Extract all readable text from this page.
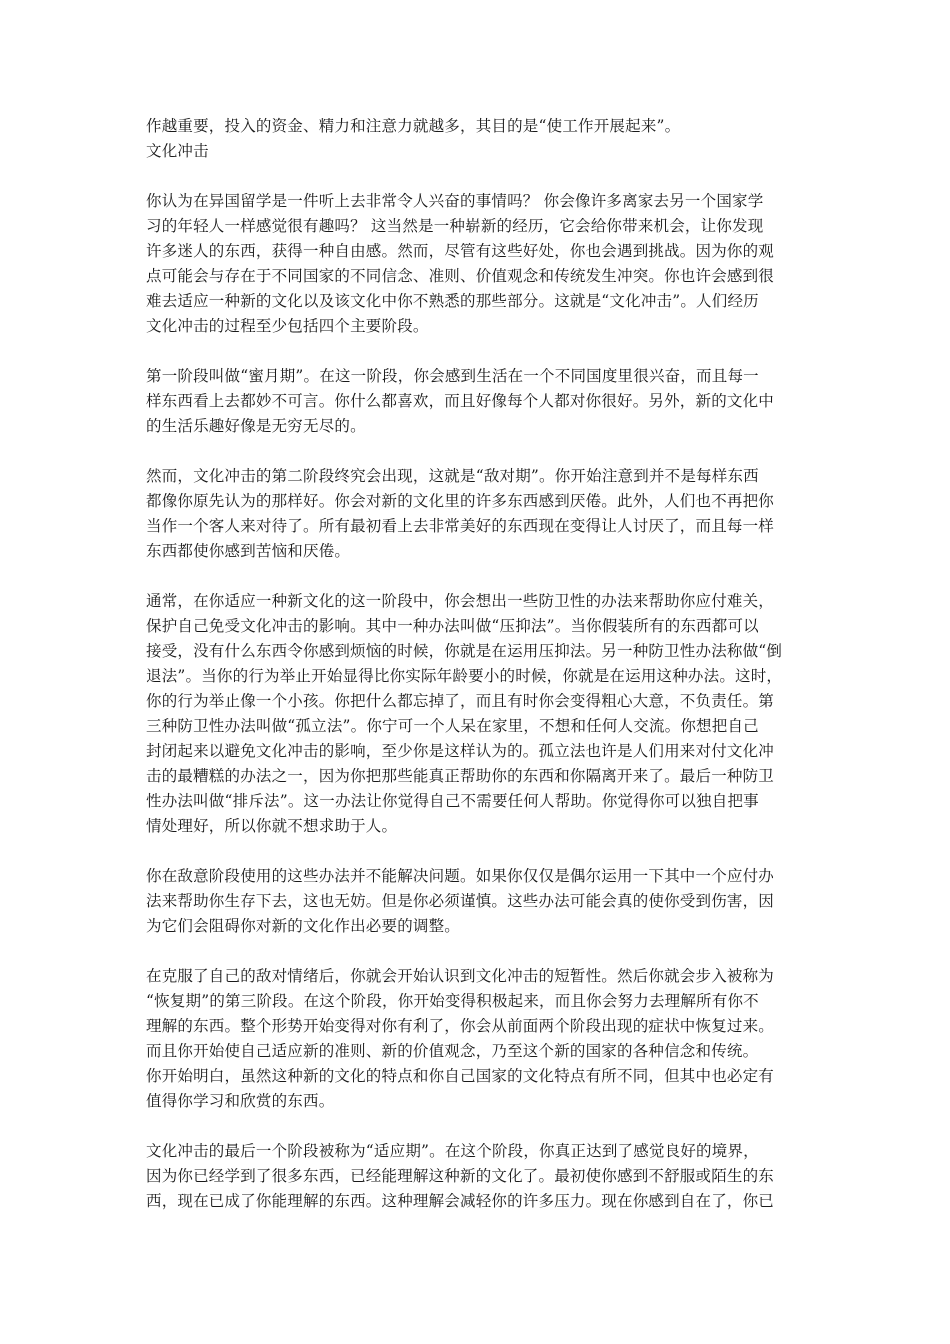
作越重要，投入的资金、精力和注意力就越多，其目的是“使工作开展起来”。
文化冲击
你认为在异国留学是一件听上去非常令人兴奋的事情吗？ 你会像许多离家去另一个国家学
习的年轻人一样感觉很有趣吗？ 这当然是一种崭新的经历，它会给你带来机会，让你发现
许多迷人的东西，获得一种自由感。然而，尽管有这些好处，你也会遇到挑战。因为你的观
点可能会与存在于不同国家的不同信念、准则、价值观念和传统发生冲突。你也许会感到很
难去适应一种新的文化以及该文化中你不熟悉的那些部分。这就是“文化冲击”。人们经历
文化冲击的过程至少包括四个主要阶段。
第一阶段叫做“蜜月期”。在这一阶段，你会感到生活在一个不同国度里很兴奋，而且每一
样东西看上去都妙不可言。你什么都喜欢，而且好像每个人都对你很好。另外，新的文化中
的生活乐趣好像是无穷无尽的。
然而，文化冲击的第二阶段终究会出现，这就是“敌对期”。你开始注意到并不是每样东西
都像你原先认为的那样好。你会对新的文化里的许多东西感到厌倦。此外，人们也不再把你
当作一个客人来对待了。所有最初看上去非常美好的东西现在变得让人讨厌了，而且每一样
东西都使你感到苦恼和厌倦。
通常，在你适应一种新文化的这一阶段中，你会想出一些防卫性的办法来帮助你应付难关，
保护自己免受文化冲击的影响。其中一种办法叫做“压抑法”。当你假装所有的东西都可以
接受，没有什么东西令你感到烦恼的时候，你就是在运用压抑法。另一种防卫性办法称做“倒
退法”。当你的行为举止开始显得比你实际年龄要小的时候，你就是在运用这种办法。这时，
你的行为举止像一个小孩。你把什么都忘掉了，而且有时你会变得粗心大意，不负责任。第
三种防卫性办法叫做“孤立法”。你宁可一个人呆在家里，不想和任何人交流。你想把自己
封闭起来以避免文化冲击的影响，至少你是这样认为的。孤立法也许是人们用来对付文化冲
击的最糟糕的办法之一，因为你把那些能真正帮助你的东西和你隔离开来了。最后一种防卫
性办法叫做“排斥法”。这一办法让你觉得自己不需要任何人帮助。你觉得你可以独自把事
情处理好，所以你就不想求助于人。
你在敌意阶段使用的这些办法并不能解决问题。如果你仅仅是偶尔运用一下其中一个应付办
法来帮助你生存下去，这也无妨。但是你必须谨慎。这些办法可能会真的使你受到伤害，因
为它们会阻碍你对新的文化作出必要的调整。
在克服了自己的敌对情绪后，你就会开始认识到文化冲击的短暂性。然后你就会步入被称为
“恢复期”的第三阶段。在这个阶段，你开始变得积极起来，而且你会努力去理解所有你不
理解的东西。整个形势开始变得对你有利了，你会从前面两个阶段出现的症状中恢复过来。
而且你开始使自己适应新的准则、新的价值观念，乃至这个新的国家的各种信念和传统。
你开始明白，虽然这种新的文化的特点和你自己国家的文化特点有所不同，但其中也必定有
值得你学习和欣赏的东西。
文化冲击的最后一个阶段被称为“适应期”。在这个阶段，你真正达到了感觉良好的境界，
因为你已经学到了很多东西，已经能理解这种新的文化了。最初使你感到不舒服或陌生的东
西，现在已成了你能理解的东西。这种理解会减轻你的许多压力。现在你感到自在了，你已
